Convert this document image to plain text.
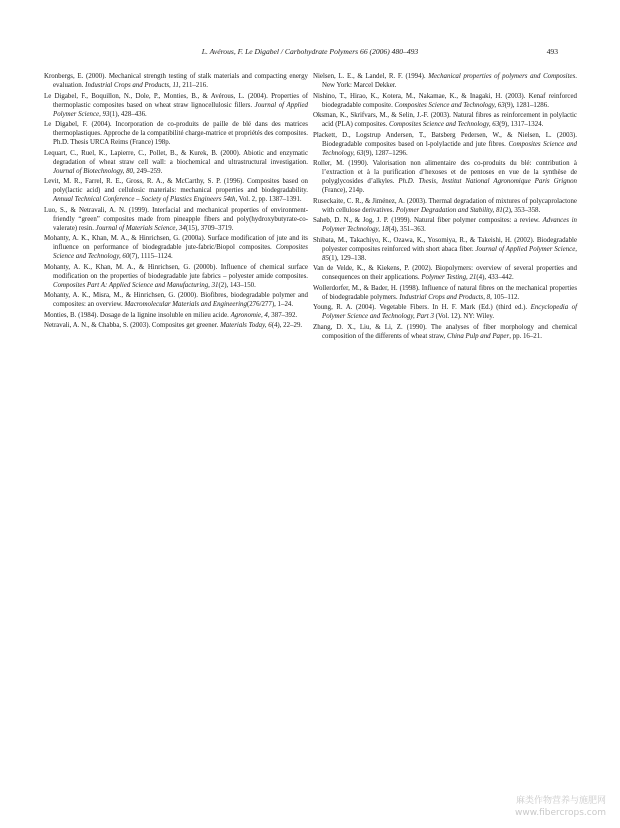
L. Avérous, F. Le Digabel / Carbohydrate Polymers 66 (2006) 480–493	493

Kronbergs, E. (2000). Mechanical strength testing of stalk materials and compacting energy evaluation. Industrial Crops and Products, 11, 211–216.

Le Digabel, F., Boquillon, N., Dole, P., Monties, B., & Avérous, L. (2004). Properties of thermoplastic composites based on wheat straw lignocellulosic fillers. Journal of Applied Polymer Science, 93(1), 428–436.

Le Digabel, F. (2004). Incorporation de co-produits de paille de blé dans des matrices thermoplastiques. Approche de la compatibilité charge-matrice et propriétés des composites. Ph.D. Thesis URCA Reims (France) 198p.

Lequart, C., Ruel, K., Lapierre, C., Pollet, B., & Kurek, B. (2000). Abiotic and enzymatic degradation of wheat straw cell wall: a biochemical and ultrastructural investigation. Journal of Biotechnology, 80, 249–259.

Levit, M. R., Farrel, R. E., Gross, R. A., & McCarthy, S. P. (1996). Composites based on poly(lactic acid) and cellulosic materials: mechanical properties and biodegradability. Annual Technical Conference – Society of Plastics Engineers 54th, Vol. 2, pp. 1387–1391.

Luo, S., & Netravali, A. N. (1999). Interfacial and mechanical properties of environment-friendly “green” composites made from pineapple fibers and poly(hydroxybutyrate-co-valerate) resin. Journal of Materials Science, 34(15), 3709–3719.

Mohanty, A. K., Khan, M. A., & Hinrichsen, G. (2000a). Surface modification of jute and its influence on performance of biodegradable jute-fabric/Biopol composites. Composites Science and Technology, 60(7), 1115–1124.

Mohanty, A. K., Khan, M. A., & Hinrichsen, G. (2000b). Influence of chemical surface modification on the properties of biodegradable jute fabrics – polyester amide composites. Composites Part A: Applied Science and Manufacturing, 31(2), 143–150.

Mohanty, A. K., Misra, M., & Hinrichsen, G. (2000). Biofibres, biodegradable polymer and composites: an overview. Macromolecular Materials and Engineering(276/277), 1–24.

Monties, B. (1984). Dosage de la lignine insoluble en milieu acide. Agronomie, 4, 387–392.

Netravali, A. N., & Chabba, S. (2003). Composites get greener. Materials Today, 6(4), 22–29.

Nielsen, L. E., & Landel, R. F. (1994). Mechanical properties of polymers and Composites. New York: Marcel Dekker.

Nishino, T., Hirao, K., Kotera, M., Nakamae, K., & Inagaki, H. (2003). Kenaf reinforced biodegradable composite. Composites Science and Technology, 63(9), 1281–1286.

Oksman, K., Skrifvars, M., & Selin, J.-F. (2003). Natural fibres as reinforcement in polylactic acid (PLA) composites. Composites Science and Technology, 63(9), 1317–1324.

Plackett, D., Logstrup Andersen, T., Batsberg Pedersen, W., & Nielsen, L. (2003). Biodegradable composites based on l-polylactide and jute fibres. Composites Science and Technology, 63(9), 1287–1296.

Roller, M. (1990). Valorisation non alimentaire des co-produits du blé: contribution à l’extraction et à la purification d’hexoses et de pentoses en vue de la synthèse de polyglycosides d’alkyles. Ph.D. Thesis, Institut National Agronomique Paris Grignon (France), 214p.

Ruseckaite, C. R., & Jiménez, A. (2003). Thermal degradation of mixtures of polycaprolactone with cellulose derivatives. Polymer Degradation and Stability, 81(2), 353–358.

Saheb, D. N., & Jog, J. P. (1999). Natural fiber polymer composites: a review. Advances in Polymer Technology, 18(4), 351–363.

Shibata, M., Takachiyo, K., Ozawa, K., Yosomiya, R., & Takeishi, H. (2002). Biodegradable polyester composites reinforced with short abaca fiber. Journal of Applied Polymer Science, 85(1), 129–138.

Van de Velde, K., & Kiekens, P. (2002). Biopolymers: overview of several properties and consequences on their applications. Polymer Testing, 21(4), 433–442.

Wollerdorfer, M., & Bader, H. (1998). Influence of natural fibres on the mechanical properties of biodegradable polymers. Industrial Crops and Products, 8, 105–112.

Young, R. A. (2004). Vegetable Fibers. In H. F. Mark (Ed.) (third ed.). Encyclopedia of Polymer Science and Technology, Part 3 (Vol. 12). NY: Wiley.

Zhang, D. X., Liu, & Li, Z. (1990). The analyses of fiber morphology and chemical composition of the differents of wheat straw, China Pulp and Paper, pp. 16–21.

麻类作物营养与施肥网
www.fibercrops.com
